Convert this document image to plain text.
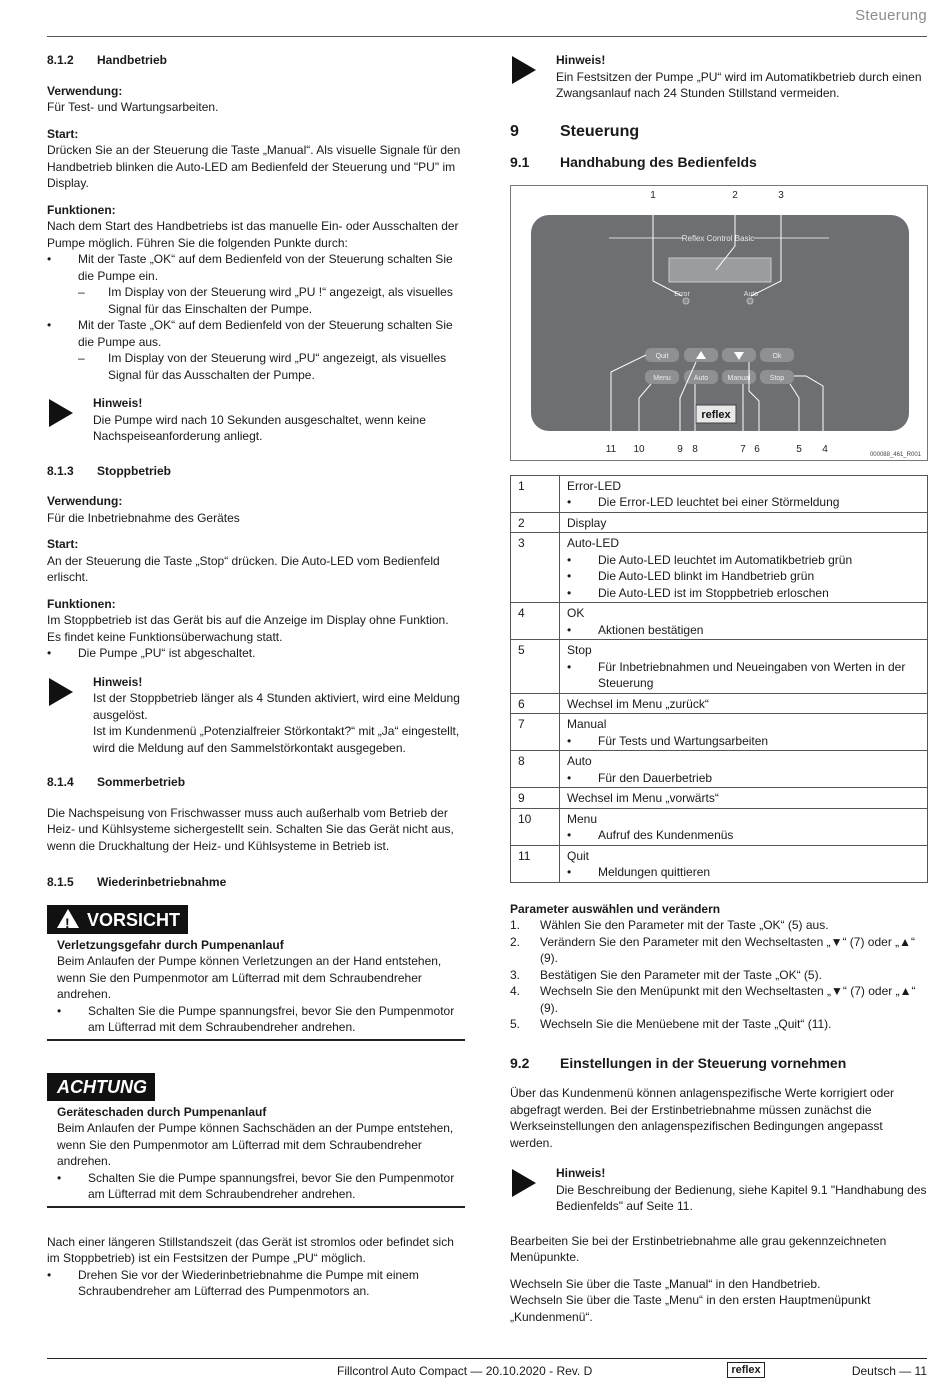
Steuerung
8.1.2	Handbetrieb

Verwendung:

Für Test- und Wartungsarbeiten.

Start:

Drücken Sie an der Steuerung die Taste „Manual“. Als visuelle Signale für den Handbetrieb blinken die Auto-LED am Bedienfeld der Steuerung und "PU" im Display.

Funktionen:

Nach dem Start des Handbetriebs ist das manuelle Ein- oder Ausschalten der Pumpe möglich. Führen Sie die folgenden Punkte durch:

• Mit der Taste „OK“ auf dem Bedienfeld von der Steuerung schalten Sie die Pumpe ein.

– Im Display von der Steuerung wird „PU !“ angezeigt, als visuelles Signal für das Einschalten der Pumpe.

• Mit der Taste „OK“ auf dem Bedienfeld von der Steuerung schalten Sie die Pumpe aus.

– Im Display von der Steuerung wird „PU“ angezeigt, als visuelles Signal für das Ausschalten der Pumpe.

Hinweis!

Die Pumpe wird nach 10 Sekunden ausgeschaltet, wenn keine Nachspeiseanforderung anliegt.

8.1.3	Stoppbetrieb

Verwendung:

Für die Inbetriebnahme des Gerätes

Start:

An der Steuerung die Taste „Stop“ drücken. Die Auto-LED vom Bedienfeld erlischt.

Funktionen:

Im Stoppbetrieb ist das Gerät bis auf die Anzeige im Display ohne Funktion. Es findet keine Funktionsüberwachung statt.

• Die Pumpe „PU“ ist abgeschaltet.

Hinweis!

Ist der Stoppbetrieb länger als 4 Stunden aktiviert, wird eine Meldung ausgelöst.

Ist im Kundenmenü „Potenzialfreier Störkontakt?“ mit „Ja“ eingestellt, wird die Meldung auf den Sammelstörkontakt ausgegeben.

8.1.4	Sommerbetrieb

Die Nachspeisung von Frischwasser muss auch außerhalb vom Betrieb der Heiz- und Kühlsysteme sichergestellt sein. Schalten Sie das Gerät nicht aus, wenn die Druckhaltung der Heiz- und Kühlsysteme in Betrieb ist.

8.1.5	Wiederinbetriebnahme
! VORSICHT

Verletzungsgefahr durch Pumpenanlauf

Beim Anlaufen der Pumpe können Verletzungen an der Hand entstehen, wenn Sie den Pumpenmotor am Lüfterrad mit dem Schraubendreher andrehen.

• Schalten Sie die Pumpe spannungsfrei, bevor Sie den Pumpenmotor am Lüfterrad mit dem Schraubendreher andrehen.

ACHTUNG

Geräteschaden durch Pumpenanlauf

Beim Anlaufen der Pumpe können Sachschäden an der Pumpe entstehen, wenn Sie den Pumpenmotor am Lüfterrad mit dem Schraubendreher andrehen.

• Schalten Sie die Pumpe spannungsfrei, bevor Sie den Pumpenmotor am Lüfterrad mit dem Schraubendreher andrehen.

Nach einer längeren Stillstandszeit (das Gerät ist stromlos oder befindet sich im Stoppbetrieb) ist ein Festsitzen der Pumpe „PU“ möglich.

• Drehen Sie vor der Wiederinbetriebnahme die Pumpe mit einem Schraubendreher am Lüfterrad des Pumpenmotors an.

Hinweis!

Ein Festsitzen der Pumpe „PU“ wird im Automatikbetrieb durch einen Zwangsanlauf nach 24 Stunden Stillstand vermeiden.

9	Steuerung
9.1	Handhabung des Bedienfelds
Reflex Control Basic
Error	Auto
Quit	Ok
Menu	Auto	Manual	Stop
reflex
1	2	3
4
5
6
7
8
9
10
11	000088_461_R001
1	Error-LED
• Die Error-LED leuchtet bei einer Störmeldung

2	Display

3	Auto-LED
• Die Auto-LED leuchtet im Automatikbetrieb grün
• Die Auto-LED blinkt im Handbetrieb grün
• Die Auto-LED ist im Stoppbetrieb erloschen

4	OK
• Aktionen bestätigen

5	Stop
• Für Inbetriebnahmen und Neueingaben von Werten in der Steuerung

6	Wechsel im Menu „zurück“

7	Manual
• Für Tests und Wartungsarbeiten

8	Auto
• Für den Dauerbetrieb

9	Wechsel im Menu „vorwärts“

10	Menu
• Aufruf des Kundenmenüs

11	Quit
• Meldungen quittieren

Parameter auswählen und verändern

1. Wählen Sie den Parameter mit der Taste „OK“ (5) aus.

2. Verändern Sie den Parameter mit den Wechseltasten „▼“ (7) oder „▲“ (9).

3. Bestätigen Sie den Parameter mit der Taste „OK“ (5).

4. Wechseln Sie den Menüpunkt mit den Wechseltasten „▼“ (7) oder „▲“ (9).

5. Wechseln Sie die Menüebene mit der Taste „Quit“ (11).

9.2	Einstellungen in der Steuerung vornehmen

Über das Kundenmenü können anlagenspezifische Werte korrigiert oder abgefragt werden. Bei der Erstinbetriebnahme müssen zunächst die Werkseinstellungen den anlagenspezifischen Bedingungen angepasst werden.

Hinweis!

Die Beschreibung der Bedienung, siehe Kapitel 9.1 "Handhabung des Bedienfelds" auf Seite 11.

Bearbeiten Sie bei der Erstinbetriebnahme alle grau gekennzeichneten Menüpunkte.

Wechseln Sie über die Taste „Manual“ in den Handbetrieb.

Wechseln Sie über die Taste „Menu“ in den ersten Hauptmenüpunkt „Kundenmenü“.

Fillcontrol Auto Compact — 20.10.2020 - Rev. D	reflex	Deutsch — 11
